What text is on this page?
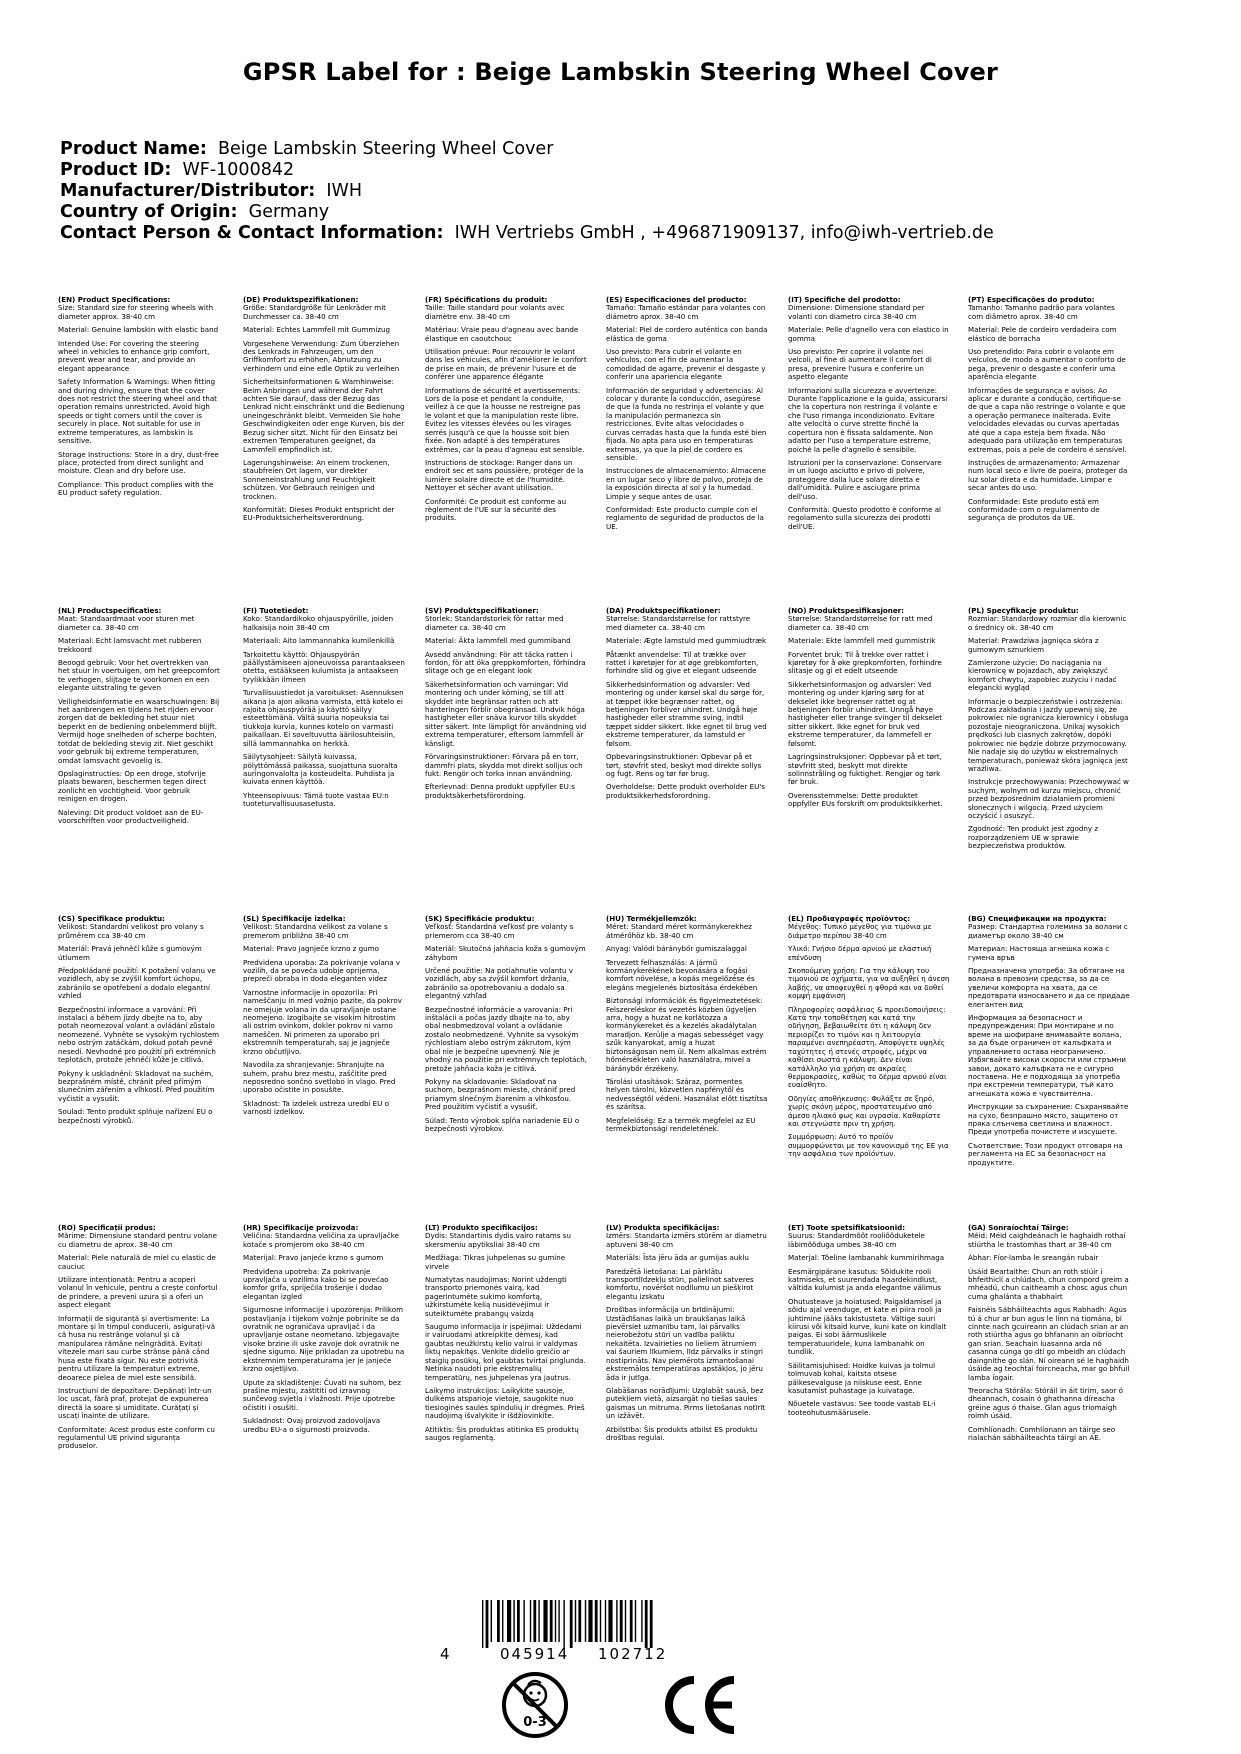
GPSR Label for : Beige Lambskin Steering Wheel Cover
Product Name: Beige Lambskin Steering Wheel Cover
Product ID: WF-1000842
Manufacturer/Distributor: IWH
Country of Origin: Germany
Contact Person & Contact Information: IWH Vertriebs GmbH , +496871909137, info@iwh-vertrieb.de
(EN) Product Specifications:

Size: Standard size for steering wheels with diameter approx. 38-40 cm

Material: Genuine lambskin with elastic band

Intended Use: For covering the steering wheel in vehicles to enhance grip comfort, prevent wear and tear, and provide an elegant appearance

Safety Information & Warnings: When fitting and during driving, ensure that the cover does not restrict the steering wheel and that operation remains unrestricted. Avoid high speeds or tight corners until the cover is securely in place. Not suitable for use in extreme temperatures, as lambskin is sensitive.

Storage Instructions: Store in a dry, dust-free place, protected from direct sunlight and moisture. Clean and dry before use.

Compliance: This product complies with the EU product safety regulation.

(DE) Produktspezifikationen:

Größe: Standardgröße für Lenkräder mit Durchmesser ca. 38-40 cm

Material: Echtes Lammfell mit Gummizug

Vorgesehene Verwendung: Zum Überziehen des Lenkrads in Fahrzeugen, um den Griffkomfort zu erhöhen, Abnutzung zu verhindern und eine edle Optik zu verleihen

Sicherheitsinformationen & Warnhinweise: Beim Anbringen und während der Fahrt achten Sie darauf, dass der Bezug das Lenkrad nicht einschränkt und die Bedienung uneingeschränkt bleibt. Vermeiden Sie hohe Geschwindigkeiten oder enge Kurven, bis der Bezug sicher sitzt. Nicht für den Einsatz bei extremen Temperaturen geeignet, da Lammfell empfindlich ist.

Lagerungshinweise: An einem trockenen, staubfreien Ort lagern, vor direkter Sonneneinstrahlung und Feuchtigkeit schützen. Vor Gebrauch reinigen und trocknen.

Konformität: Dieses Produkt entspricht der EU-Produktsicherheitsverordnung.

(FR) Spécifications du produit:

Taille: Taille standard pour volants avec diamètre env. 38-40 cm

Matériau: Vraie peau d'agneau avec bande élastique en caoutchouc

Utilisation prévue: Pour recouvrir le volant dans les véhicules, afin d'améliorer le confort de prise en main, de prévenir l'usure et de conférer une apparence élégante

Informations de sécurité et avertissements: Lors de la pose et pendant la conduite, veillez à ce que la housse ne restreigne pas le volant et que la manipulation reste libre. Évitez les vitesses élevées ou les virages serrés jusqu'à ce que la housse soit bien fixée. Non adapté à des températures extrêmes, car la peau d'agneau est sensible.

Instructions de stockage: Ranger dans un endroit sec et sans poussière, protéger de la lumière solaire directe et de l'humidité. Nettoyer et sécher avant utilisation.

Conformité: Ce produit est conforme au règlement de l'UE sur la sécurité des produits.

(ES) Especificaciones del producto:

Tamaño: Tamaño estándar para volantes con diámetro aprox. 38-40 cm

Material: Piel de cordero auténtica con banda elástica de goma

Uso previsto: Para cubrir el volante en vehículos, con el fin de aumentar la comodidad de agarre, prevenir el desgaste y conferir una apariencia elegante

Información de seguridad y advertencias: Al colocar y durante la conducción, asegúrese de que la funda no restrinja el volante y que la manipulación permanezca sin restricciones. Evite altas velocidades o curvas cerradas hasta que la funda esté bien fijada. No apta para uso en temperaturas extremas, ya que la piel de cordero es sensible.

Instrucciones de almacenamiento: Almacene en un lugar seco y libre de polvo, proteja de la exposición directa al sol y la humedad. Limpie y seque antes de usar.

Conformidad: Este producto cumple con el reglamento de seguridad de productos de la UE.

(IT) Specifiche del prodotto:

Dimensione: Dimensione standard per volanti con diametro circa 38-40 cm

Materiale: Pelle d'agnello vera con elastico in gomma

Uso previsto: Per coprire il volante nei veicoli, al fine di aumentare il comfort di presa, prevenire l'usura e conferire un aspetto elegante

Informazioni sulla sicurezza e avvertenze: Durante l'applicazione e la guida, assicurarsi che la copertura non restringa il volante e che l'uso rimanga incondizionato. Evitare alte velocità o curve strette finché la copertura non è fissata saldamente. Non adatto per l'uso a temperature estreme, poiché la pelle d'agnello è sensibile.

Istruzioni per la conservazione: Conservare in un luogo asciutto e privo di polvere, proteggere dalla luce solare diretta e dall'umidità. Pulire e asciugare prima dell'uso.

Conformità: Questo prodotto è conforme al regolamento sulla sicurezza dei prodotti dell'UE.

(PT) Especificações do produto:

Tamanho: Tamanho padrão para volantes com diâmetro aprox. 38-40 cm

Material: Pele de cordeiro verdadeira com elástico de borracha

Uso pretendido: Para cobrir o volante em veículos, de modo a aumentar o conforto de pega, prevenir o desgaste e conferir uma aparência elegante

Informações de segurança e avisos: Ao aplicar e durante a condução, certifique-se de que a capa não restringe o volante e que a operação permanece inalterada. Evite velocidades elevadas ou curvas apertadas até que a capa esteja bem fixada. Não adequado para utilização em temperaturas extremas, pois a pele de cordeiro é sensível.

Instruções de armazenamento: Armazenar num local seco e livre de poeira, proteger da luz solar direta e da humidade. Limpar e secar antes do uso.

Conformidade: Este produto está em conformidade com o regulamento de segurança de produtos da UE.

(NL) Productspecificaties:

Maat: Standaardmaat voor sturen met diameter ca. 38-40 cm

Materiaal: Echt lamsvacht met rubberen trekkoord

Beoogd gebruik: Voor het overtrekken van het stuur in voertuigen, om het greepcomfort te verhogen, slijtage te voorkomen en een elegante uitstraling te geven

Veiligheidsinformatie en waarschuwingen: Bij het aanbrengen en tijdens het rijden ervoor zorgen dat de bekleding het stuur niet beperkt en de bediening onbelemmerd blijft. Vermijd hoge snelheden of scherpe bochten, totdat de bekleding stevig zit. Niet geschikt voor gebruik bij extreme temperaturen, omdat lamsvacht gevoelig is.

Opslaginstructies: Op een droge, stofvrije plaats bewaren, beschermen tegen direct zonlicht en vochtigheid. Voor gebruik reinigen en drogen.

Naleving: Dit product voldoet aan de EU-voorschriften voor productveiligheid.

(FI) Tuotetiedot:

Koko: Standardikoko ohjauspyörille, joiden halkaisija noin 38-40 cm

Materiaali: Aito lammannahka kumilenkillä

Tarkoitettu käyttö: Ohjauspyörän päällystämiseen ajoneuvoissa parantaakseen otetta, estääkseen kulumista ja antaakseen tyylikkään ilmeen

Turvallisuustiedot ja varoitukset: Asennuksen aikana ja ajon aikana varmista, että kotelo ei rajoita ohjauspyörää ja käyttö säilyy esteettömänä. Vältä suuria nopeuksia tai tiukkoja kurvia, kunnes kotelo on varmasti paikallaan. Ei soveltuvutta äärilosuhteisiin, sillä lammannahka on herkkä.

Säilytysohjeet: Säilytä kuivassa, pölyttömässä paikassa, suojattuna suoralta auringonvalolta ja kosteudelta. Puhdista ja kuivata ennen käyttöä.

Yhteensopivuus: Tämä tuote vastaa EU:n tuoteturvallisuusasetusta.

(SV) Produktspecifikationer:

Storlek: Standardstorlek för rattar med diameter ca. 38-40 cm

Material: Äkta lammfell med gummiband

Avsedd användning: För att täcka ratten i fordon, för att öka greppkomforten, förhindra slitage och ge en elegant look

Säkerhetsinformation och varningar: Vid montering och under körning, se till att skyddet inte begränsar ratten och att hanteringen förblir obegränsad. Undvik höga hastigheter eller snäva kurvor tills skyddet sitter säkert. Inte lämpligt för användning vid extrema temperaturer, eftersom lammfell är känsligt.

Förvaringsinstruktioner: Förvara på en torr, dammfri plats, skydda mot direkt solljus och fukt. Rengör och torka innan användning.

Efterlevnad: Denna produkt uppfyller EU:s produktsäkerhetsförordning.

(DA) Produktspecifikationer:

Størrelse: Standardstørrelse for rattstyre med diameter ca. 38-40 cm

Materiale: Ægte lamstuld med gummiudtræk

Påtænkt anvendelse: Til at trække over rattet i køretøjer for at øge grebkomforten, forhindre slid og give et elegant udseende

Sikkerhedsinformation og advarsler: Ved montering og under kørsel skal du sørge for, at tæppet ikke begrænser rattet, og betjeningen forbliver uhindret. Undgå høje hastigheder eller stramme sving, indtil tæppet sidder sikkert. Ikke egnet til brug ved ekstreme temperaturer, da lamstuld er følsom.

Opbevaringsinstruktioner: Opbevar på et tørt, støvfrit sted, beskyt mod direkte sollys og fugt. Rens og tør før brug.

Overholdelse: Dette produkt overholder EU's produktsikkerhedsforordning.

(NO) Produktspesifikasjoner:

Størrelse: Standardstørrelse for ratt med diameter ca. 38-40 cm

Materiale: Ekte lammfell med gummistrik

Forventet bruk: Til å trekke over rattet i kjøretøy for å øke grepkomforten, forhindre slitasje og gi et edelt utseende

Sikkerhetsinformasjon og advarsler: Ved montering og under kjøring sørg for at dekselet ikke begrenser rattet og at betjeningen forblir uhindret. Unngå høye hastigheter eller trange svinger til dekselet sitter sikkert. Ikke egnet for bruk ved ekstreme temperaturer, da lammefell er følsomt.

Lagringsinstruksjoner: Oppbevar på et tørt, støvfritt sted, beskytt mot direkte solinnstråling og fuktighet. Rengjør og tørk før bruk.

Overensstemmelse: Dette produktet oppfyller EUs forskrift om produktsikkerhet.

(PL) Specyfikacje produktu:

Rozmiar: Standardowy rozmiar dla kierownic o średnicy ok. 38-40 cm

Materiał: Prawdziwa jagnięca skóra z gumowym sznurkiem

Zamierzone użycie: Do naciągania na kierownicę w pojazdach, aby zwiększyć komfort chwytu, zapobiec zużyciu i nadać elegancki wygląd

Informacje o bezpieczeństwie i ostrzeżenia: Podczas zakładania i jazdy upewnij się, że pokrowiec nie ogranicza kierownicy i obsługa pozostaje nieograniczona. Unikaj wysokich prędkości lub ciasnych zakrętów, dopóki pokrowiec nie będzie dobrze przymocowany. Nie nadaje się do użytku w ekstremalnych temperaturach, ponieważ skóra jagnięca jest wrażliwa.

Instrukcje przechowywania: Przechowywać w suchym, wolnym od kurzu miejscu, chronić przed bezpośrednim działaniem promieni słonecznych i wilgocią. Przed użyciem oczyścić i osuszyć.

Zgodność: Ten produkt jest zgodny z rozporządzeniem UE w sprawie bezpieczeństwa produktów.

(CS) Specifikace produktu:

Velikost: Standardní velikost pro volany s průměrem cca 38-40 cm

Materiál: Pravá jehněčí kůže s gumovým útlumem

Předpokládané použití: K potažení volanu ve vozidlech, aby se zvýšil komfort úchopu, zabránilo se opotřebení a dodalo elegantní vzhled

Bezpečnostní informace a varování: Při instalaci a během jízdy dbejte na to, aby potah neomezoval volant a ovládání zůstalo neomezené. Vyhněte se vysokým rychlostem nebo ostrým zatáčkám, dokud potah pevně nesedí. Nevhodné pro použití při extrémních teplotách, protože jehněčí kůže je citlivá.

Pokyny k uskladnění: Skladovat na suchém, bezprašném místě, chránit před přímým slunečním zářením a vlhkostí. Před použitím vyčistit a vysušit.

Soulad: Tento produkt splňuje nařízení EU o bezpečnosti výrobků.

(SL) Specifikacije izdelka:

Velikost: Standardna velikost za volane s premerom približno 38-40 cm

Material: Pravo jagnječe krzno z gumo

Predvidena uporaba: Za pokrivanje volana v vozilih, da se poveča udobje oprijema, prepreči obraba in doda eleganten videz

Varnostne informacije in opozorila: Pri nameščanju in med vožnjo pazite, da pokrov ne omejuje volana in da upravljanje ostane neomejeno. Izogibajte se visokim hitrostim ali ostrim ovinkom, dokler pokrov ni varno nameščen. Ni primeren za uporabo pri ekstremnih temperaturah, saj je jagnječe krzno občutljivo.

Navodila za shranjevanje: Shranjujte na suhem, prahu brez mestu, zaščitite pred neposredno sončno svetlobo in vlago. Pred uporabo očistite in posušite.

Skladnost: Ta izdelek ustreza uredbi EU o varnosti izdelkov.

(SK) Špecifikácie produktu:

Veľkosť: Štandardná veľkosť pre volanty s priemerom cca 38-40 cm

Materiál: Skutočná jahňacia koža s gumovým záhybom

Určené použitie: Na potiahnutie volantu v vozidlách, aby sa zvýšil komfort držania, zabránilo sa opotrebovaniu a dodalo sa elegantný vzhľad

Bezpečnostné informácie a varovania: Pri inštalácii a počas jazdy dbajte na to, aby obal neobmedzoval volant a ovládanie zostalo neobmedzené. Vyhnite sa vysokým rýchlostiam alebo ostrým zákrutom, kým obal nie je bezpečne upevnený. Nie je vhodný na použitie pri extrémnych teplotách, pretože jahňacia koža je citlivá.

Pokyny na skladovanie: Skladovať na suchom, bezprašnom mieste, chrániť pred priamym slnečným žiarením a vlhkosťou. Pred použitím vyčistiť a vysušiť.

Súlad: Tento výrobok spĺňa nariadenie EÚ o bezpečnosti výrobkov.

(HU) Termékjellemzők:

Méret: Standard méret kormánykerekhez átmérőhöz kb. 38-40 cm

Anyag: Valódi báránybőr gumiszalaggal

Tervezett felhasználás: A jármű kormánykerékének bevonására a fogási komfort növelése, a kopás megelőzése és elegáns megjelenés biztosítása érdekében

Biztonsági információk és figyelmeztetések: Felszereléskor és vezetés közben ügyeljen arra, hogy a huzat ne korlátozza a kormánykereket és a kezelés akadálytalan maradjon. Kerülje a magas sebességet vagy szűk kanyarokat, amíg a huzat biztonságosan nem ül. Nem alkalmas extrém hőmérsékleten való használatra, mivel a báránybőr érzékeny.

Tárolási utasítások: Száraz, pormentes helyen tárolni, közvetlen napfénytől és nedvességtől védeni. Használat előtt tisztítsa és szárítsa.

Megfelelőség: Ez a termék megfelel az EU termékbiztonsági rendeletének.

(EL) Προδιαγραφές προϊόντος:

Μέγεθος: Τυπικό μέγεθος για τιμόνια με διάμετρο περίπου 38-40 cm

Υλικό: Γνήσιο δέρμα αρνιού με ελαστική επένδυση

Σκοπούμενη χρήση: Για την κάλυψη του τιμονιού σε οχήματα, για να αυξηθεί η άνεση λαβής, να αποφευχθεί η φθορά και να δοθεί κομψή εμφάνιση

Πληροφορίες ασφάλειας & προειδοποιήσεις: Κατά την τοποθέτηση και κατά την οδήγηση, βεβαιωθείτε ότι η κάλυψη δεν περιορίζει το τιμόνι και η λειτουργία παραμένει ανεπηρέαστη. Αποφύγετε υψηλές ταχύτητες ή στενές στροφές, μέχρι να καθίσει σωστά η κάλυψη. Δεν είναι κατάλληλο για χρήση σε ακραίες θερμοκρασίες, καθώς το δέρμα αρνιού είναι ευαίσθητο.

Οδηγίες αποθήκευσης: Φυλάξτε σε ξηρό, χωρίς σκόνη μέρος, προστατευμένο από άμεσο ηλιακό φως και υγρασία. Καθαρίστε και στεγνώστε πριν τη χρήση.

Συμμόρφωση: Αυτό το προϊόν συμμορφώνεται με τον κανονισμό της ΕΕ για την ασφάλεια των προϊόντων.

(BG) Спецификации на продукта:

Размер: Стандартна големина за волани с диаметър около 38-40 см

Материал: Настояща агнешка кожа с гумена връв

Предназначена употреба: За обтягане на волана в превозни средства, за да се увеличи комфорта на хвата, да се предотврати износването и да се придаде елегантен вид

Информация за безопасност и предупреждения: При монтиране и по време на шофиране внимавайте волана, за да бъде ограничен от калъфката и управлението остава неограничено. Избягвайте високи скорости или стръмни завои, докато калъфката не е сигурно поставена. Не е подходяща за употреба при екстремни температури, тъй като агнешката кожа е чувствителна.

Инструкции за съхранение: Съхранявайте на сухо, безпрашно място, защитено от пряка слънчева светлина и влажност. Преди употреба почистете и изсушете.

Съответствие: Този продукт отговаря на регламента на ЕС за безопасност на продуктите.

(RO) Specificații produs:

Mărime: Dimensiune standard pentru volane cu diametru de aprox. 38-40 cm

Material: Piele naturală de miel cu elastic de cauciuc

Utilizare intenționată: Pentru a acoperi volanul în vehicule, pentru a crește confortul de prindere, a preveni uzura și a oferi un aspect elegant

Informații de siguranță și avertismente: La montare și în timpul conducerii, asigurați-vă că husa nu restrânge volanul și că manipularea rămâne neîngrădită. Evitați vitezele mari sau curbe strânse până când husa este fixată sigur. Nu este potrivită pentru utilizare la temperaturi extreme, deoarece pielea de miel este sensibilă.

Instrucțiuni de depozitare: Depănați într-un loc uscat, fără praf, protejat de expunerea directă la soare și umiditate. Curățați și uscați înainte de utilizare.

Conformitate: Acest produs este conform cu regulamentul UE privind siguranța produselor.

(HR) Specifikacije proizvoda:

Veličina: Standardna veličina za upravljačke kotače s promjerom oko 38-40 cm

Materijal: Pravo janjeće krzno s gumom

Predviđena upotreba: Za pokrivanje upravljača u vozilima kako bi se povećao komfor grifa, spriječila trošenje i dodao elegantan izgled

Sigurnosne informacije i upozorenja: Prilikom postavljanja i tijekom vožnje pobrinite se da ovratnik ne ograničava upravljač i da upravljanje ostane neometano. Izbjegavajte visoke brzine ili uske zavoje dok ovratnik ne sjedne sigurno. Nije prikladan za upotrebu na ekstremnim temperaturama jer je janjeće krzno osjetljivo.

Upute za skladištenje: Čuvati na suhom, bez prašine mjestu, zaštititi od izravnog sunčevog svjetla i vlažnosti. Prije upotrebe očistiti i osušiti.

Sukladnost: Ovaj proizvod zadovoljava uredbu EU-a o sigurnosti proizvoda.

(LT) Produkto specifikacijos:

Dydis: Standartinis dydis vairo ratams su skersmeniu apytiksliai 38-40 cm

Medžiaga: Tikras juhpelenas su gumine virvele

Numatytas naudojimas: Norint uždengti transporto priemonės vairą, kad pagerintumėte sukimo komfortą, užkirstumėte kelią nusidėvėjimui ir suteiktumėte prabangų vaizdą

Saugumo informacija ir įspėjimai: Uždėdami ir vairuodami atkreipkite dėmesį, kad gaubtas neužkirstų kelio vairui ir valdymas liktų nepakitęs. Venkite didelio greičio ar staigių posūkių, kol gaubtas tvirtai priglunda. Netinka naudoti prie ekstremalių temperatūrų, nes juhpelenas yra jautrus.

Laikymo instrukcijos: Laikykite sausoje, dulkėms atsparioje vietoje, saugokite nuo tiesioginės saulės spindulių ir drėgmės. Prieš naudojimą išvalykite ir išdžiovinkite.

Atitiktis: Šis produktas atitinka ES produktų saugos reglamentą.

(LV) Produkta specifikācijas:

Izmērs: Standarta izmērs stūrēm ar diametru aptuveni 38-40 cm

Materiāls: Īsta jēru āda ar gumijas auklu

Paredzētā lietošana: Lai pārklātu transportlīdzekļu stūri, palielinot satveres komfortu, novēršot nodilumu un piešķirot elegantu izskatu

Drošības informācija un brīdinājumi: Uzstādīšanas laikā un braukšanas laikā pievērsiet uzmanību tam, lai pārvalks neierobežotu stūri un vadība paliktu nekaitēta. Izvairieties no lieliem ātrumiem vai šauriem līkumiem, līdz pārvalks ir stingri nostiprināts. Nav piemērots izmantošanai ekstremālos temperatūras apstākļos, jo jēru āda ir jutīga.

Glabāšanas norādījumi: Uzglabāt sausā, bez putekļiem vietā, aizsargāt no tiešas saules gaismas un mitruma. Pirms lietošanas notīrīt un izžāvēt.

Atbilstība: Šis produkts atbilst ES produktu drošības regulai.

(ET) Toote spetsifikatsioonid:

Suurus: Standardmõõt rooliõõduketele läbimõõduga umbes 38-40 cm

Materjal: Tõeline lambanahk kummirihmaga

Eesmärgipärane kasutus: Sõidukite rooli katmiseks, et suurendada haardekindlust, vältida kulumist ja anda elegantne välimus

Ohutusteave ja hoiatused: Paigaldamisel ja sõidu ajal veenduge, et kate ei piira rooli ja juhtimine jääks takistusteta. Vältige suuri kiirusi või kitsaid kurve, kuni kate on kindlalt paigas. Ei sobi äärmuslikele temperatuuridele, kuna lambanahk on tundlik.

Säilitamisjuhised: Hoidke kuivas ja tolmul tolmuvab kohal, kaitsta otsese päikesevalguse ja niiskuse eest. Enne kasutamist puhastage ja kuivatage.

Nõuetele vastavus: See toode vastab EL-i tooteohutusmäärusele.

(GA) Sonraíochtaí Táirge:

Méid: Méid caighdeánach le haghaidh rothaí stiúrtha le trastomhas thart ar 38-40 cm

Ábhar: Fíor-lamba le sreangán rubair

Úsáid Beartaithe: Chun an roth stiúir i bhfeithiclí a chlúdach, chun compord greim a mhéadú, chun caitheamh a chosc agus chun cuma ghalánta a thabhairt

Faisnéis Sábháilteachta agus Rabhadh: Agus tú á chur ar bun agus le linn na tiomána, bí cinnte nach gcuireann an clúdach srian ar an roth stiúrtha agus go bhfanann an oibríocht gan srian. Seachain luasanna arda nó casanna cúnga go dtí go mbeidh an clúdach daingnithe go slán. Ní oireann sé le haghaidh úsáide ag teochtaí foircneacha, mar go bhfuil lamba íogair.

Treoracha Stórála: Stóráil in áit tirim, saor ó dheannach, cosain ó ghathanna díreacha gréine agus ó thaise. Glan agus triomaigh roimh úsáid.

Comhlíonadh: Comhlíonann an táirge seo rialachán sábháilteachta táirgí an AE.

4	045914 102712
0-3
